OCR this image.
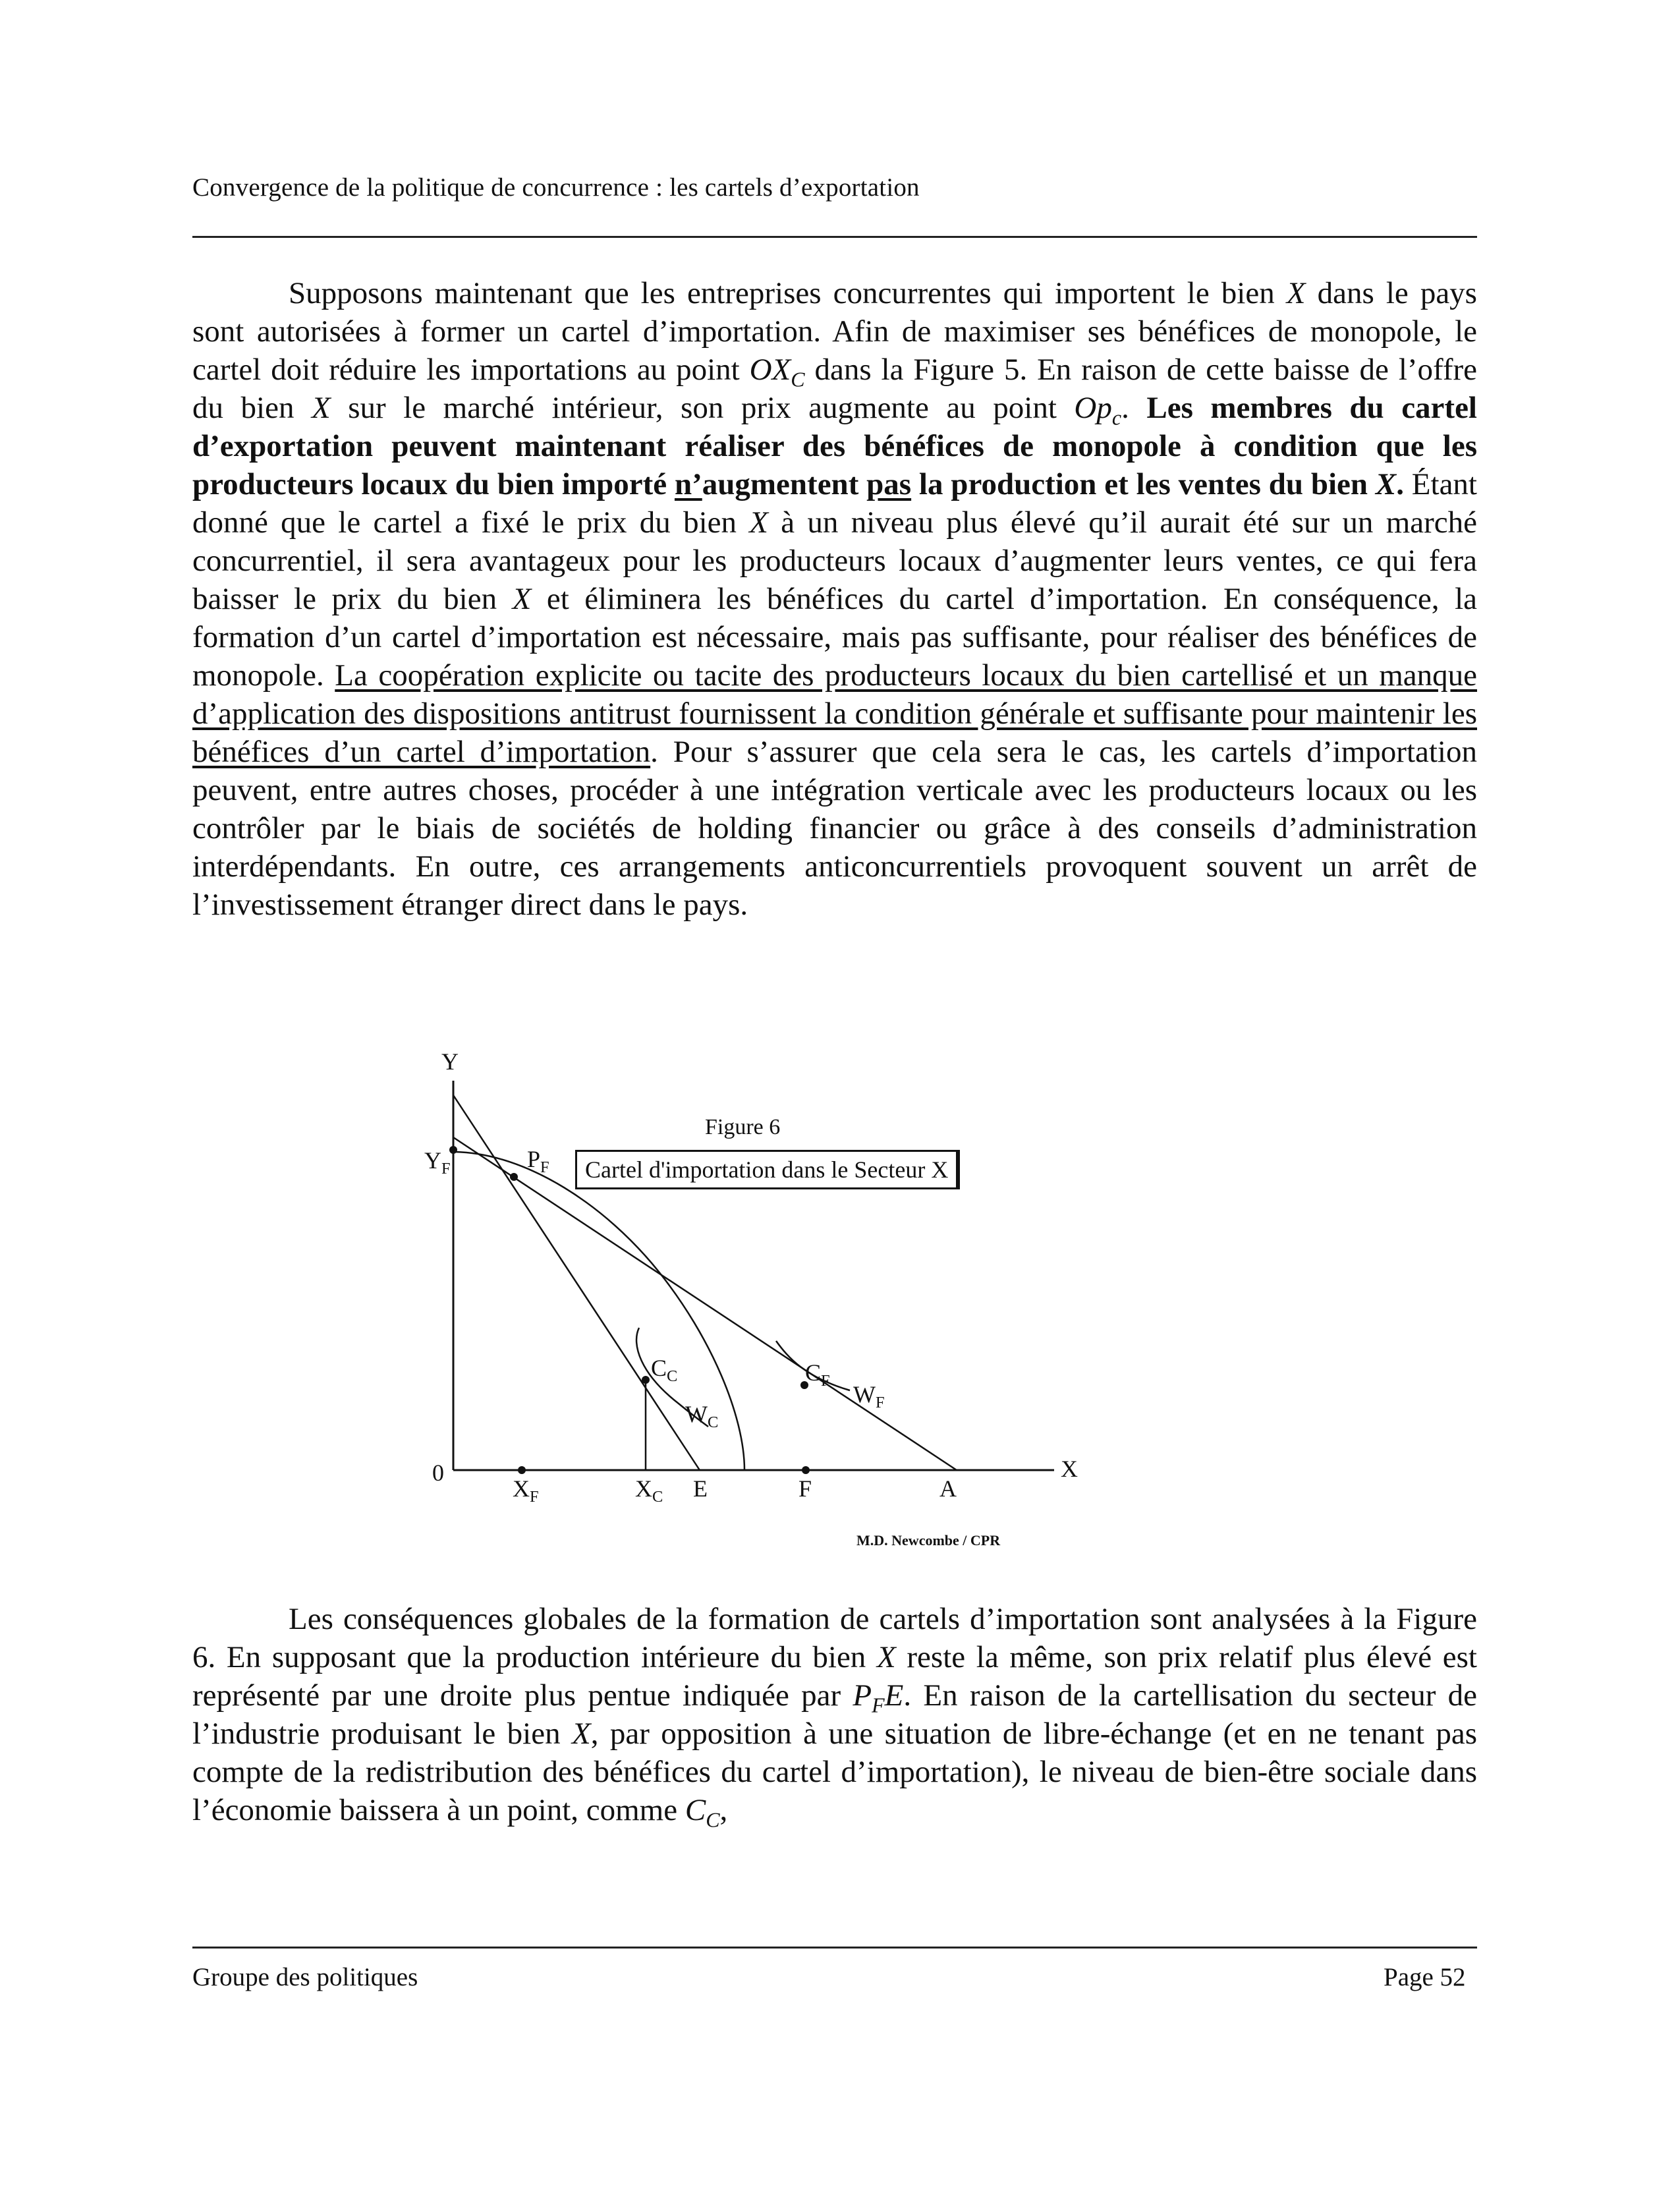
Convergence de la politique de concurrence : les cartels d’exportation

Supposons maintenant que les entreprises concurrentes qui importent le bien X dans le pays sont autorisées à former un cartel d’importation. Afin de maximiser ses bénéfices de monopole, le cartel doit réduire les importations au point $OX_C$ dans la Figure 5. En raison de cette baisse de l’offre du bien X sur le marché intérieur, son prix augmente au point $Op_c$. Les membres du cartel d’exportation peuvent maintenant réaliser des bénéfices de monopole à condition que les producteurs locaux du bien importé n’augmentent pas la production et les ventes du bien X. Étant donné que le cartel a fixé le prix du bien X à un niveau plus élevé qu’il aurait été sur un marché concurrentiel, il sera avantageux pour les producteurs locaux d’augmenter leurs ventes, ce qui fera baisser le prix du bien X et éliminera les bénéfices du cartel d’importation. En conséquence, la formation d’un cartel d’importation est nécessaire, mais pas suffisante, pour réaliser des bénéfices de monopole. La coopération explicite ou tacite des producteurs locaux du bien cartellisé et un manque d’application des dispositions antitrust fournissent la condition générale et suffisante pour maintenir les bénéfices d’un cartel d’importation. Pour s’assurer que cela sera le cas, les cartels d’importation peuvent, entre autres choses, procéder à une intégration verticale avec les producteurs locaux ou les contrôler par le biais de sociétés de holding financier ou grâce à des conseils d’administration interdépendants. En outre, ces arrangements anticoncurrentiels provoquent souvent un arrêt de l’investissement étranger direct dans le pays.

Figure 6
Cartel d'importation dans le Secteur X
Y
X
0
$Y_F$	$P_F$
$C_C$
$W_C$
$C_F$
$W_F$
$X_F$	$X_C$ E	F	A
M.D. Newcombe / CPR

Les conséquences globales de la formation de cartels d’importation sont analysées à la Figure 6. En supposant que la production intérieure du bien X reste la même, son prix relatif plus élevé est représenté par une droite plus pentue indiquée par $P_FE$. En raison de la cartellisation du secteur de l’industrie produisant le bien X, par opposition à une situation de libre-échange (et en ne tenant pas compte de la redistribution des bénéfices du cartel d’importation), le niveau de bien-être sociale dans l’économie baissera à un point, comme $C_C$,

Groupe des politiques	Page 52
